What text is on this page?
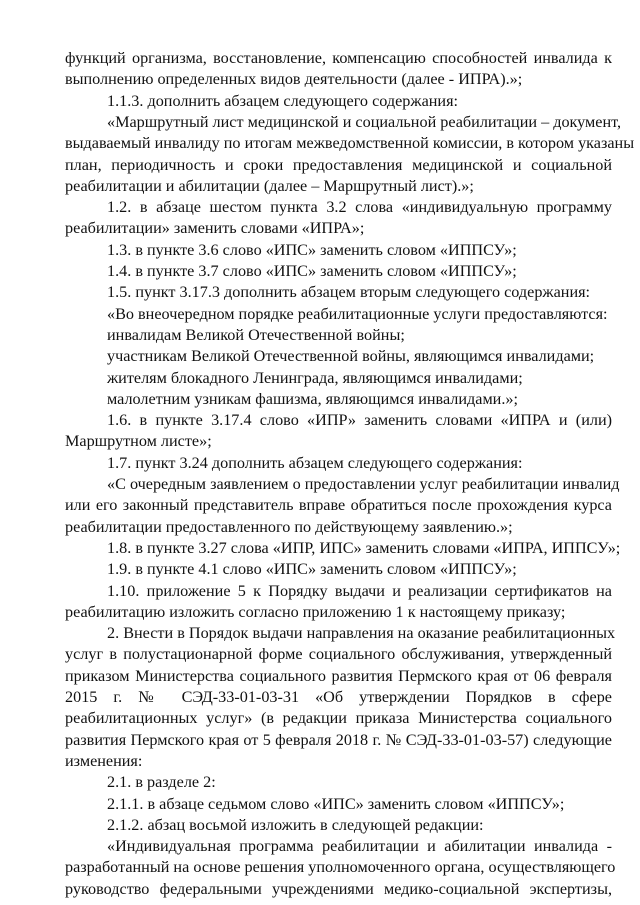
функций организма, восстановление, компенсацию способностей инвалида к
выполнению определенных видов деятельности (далее - ИПРА).»;
1.1.3. дополнить абзацем следующего содержания:
«Маршрутный лист медицинской и социальной реабилитации – документ,
выдаваемый инвалиду по итогам межведомственной комиссии, в котором указаны
план, периодичность и сроки предоставления медицинской и социальной
реабилитации и абилитации (далее – Маршрутный лист).»;
1.2. в абзаце шестом пункта 3.2 слова «индивидуальную программу
реабилитации» заменить словами «ИПРА»;
1.3. в пункте 3.6 слово «ИПС» заменить словом «ИППСУ»;
1.4. в пункте 3.7 слово «ИПС» заменить словом «ИППСУ»;
1.5. пункт 3.17.3 дополнить абзацем вторым следующего содержания:
«Во внеочередном порядке реабилитационные услуги предоставляются:
инвалидам Великой Отечественной войны;
участникам Великой Отечественной войны, являющимся инвалидами;
жителям блокадного Ленинграда, являющимся инвалидами;
малолетним узникам фашизма, являющимся инвалидами.»;
1.6. в пункте 3.17.4 слово «ИПР» заменить словами «ИПРА и (или)
Маршрутном листе»;
1.7. пункт 3.24 дополнить абзацем следующего содержания:
«С очередным заявлением о предоставлении услуг реабилитации инвалид
или его законный представитель вправе обратиться после прохождения курса
реабилитации предоставленного по действующему заявлению.»;
1.8. в пункте 3.27 слова «ИПР, ИПС» заменить словами «ИПРА, ИППСУ»;
1.9. в пункте 4.1 слово «ИПС» заменить словом «ИППСУ»;
1.10. приложение 5 к Порядку выдачи и реализации сертификатов на
реабилитацию изложить согласно приложению 1 к настоящему приказу;
2. Внести в Порядок выдачи направления на оказание реабилитационных
услуг в полустационарной форме социального обслуживания, утвержденный
приказом Министерства социального развития Пермского края от 06 февраля
2015 г. № СЭД-33-01-03-31 «Об утверждении Порядков в сфере
реабилитационных услуг» (в редакции приказа Министерства социального
развития Пермского края от 5 февраля 2018 г. № СЭД-33-01-03-57) следующие
изменения:
2.1. в разделе 2:
2.1.1. в абзаце седьмом слово «ИПС» заменить словом «ИППСУ»;
2.1.2. абзац восьмой изложить в следующей редакции:
«Индивидуальная программа реабилитации и абилитации инвалида -
разработанный на основе решения уполномоченного органа, осуществляющего
руководство федеральными учреждениями медико-социальной экспертизы,
